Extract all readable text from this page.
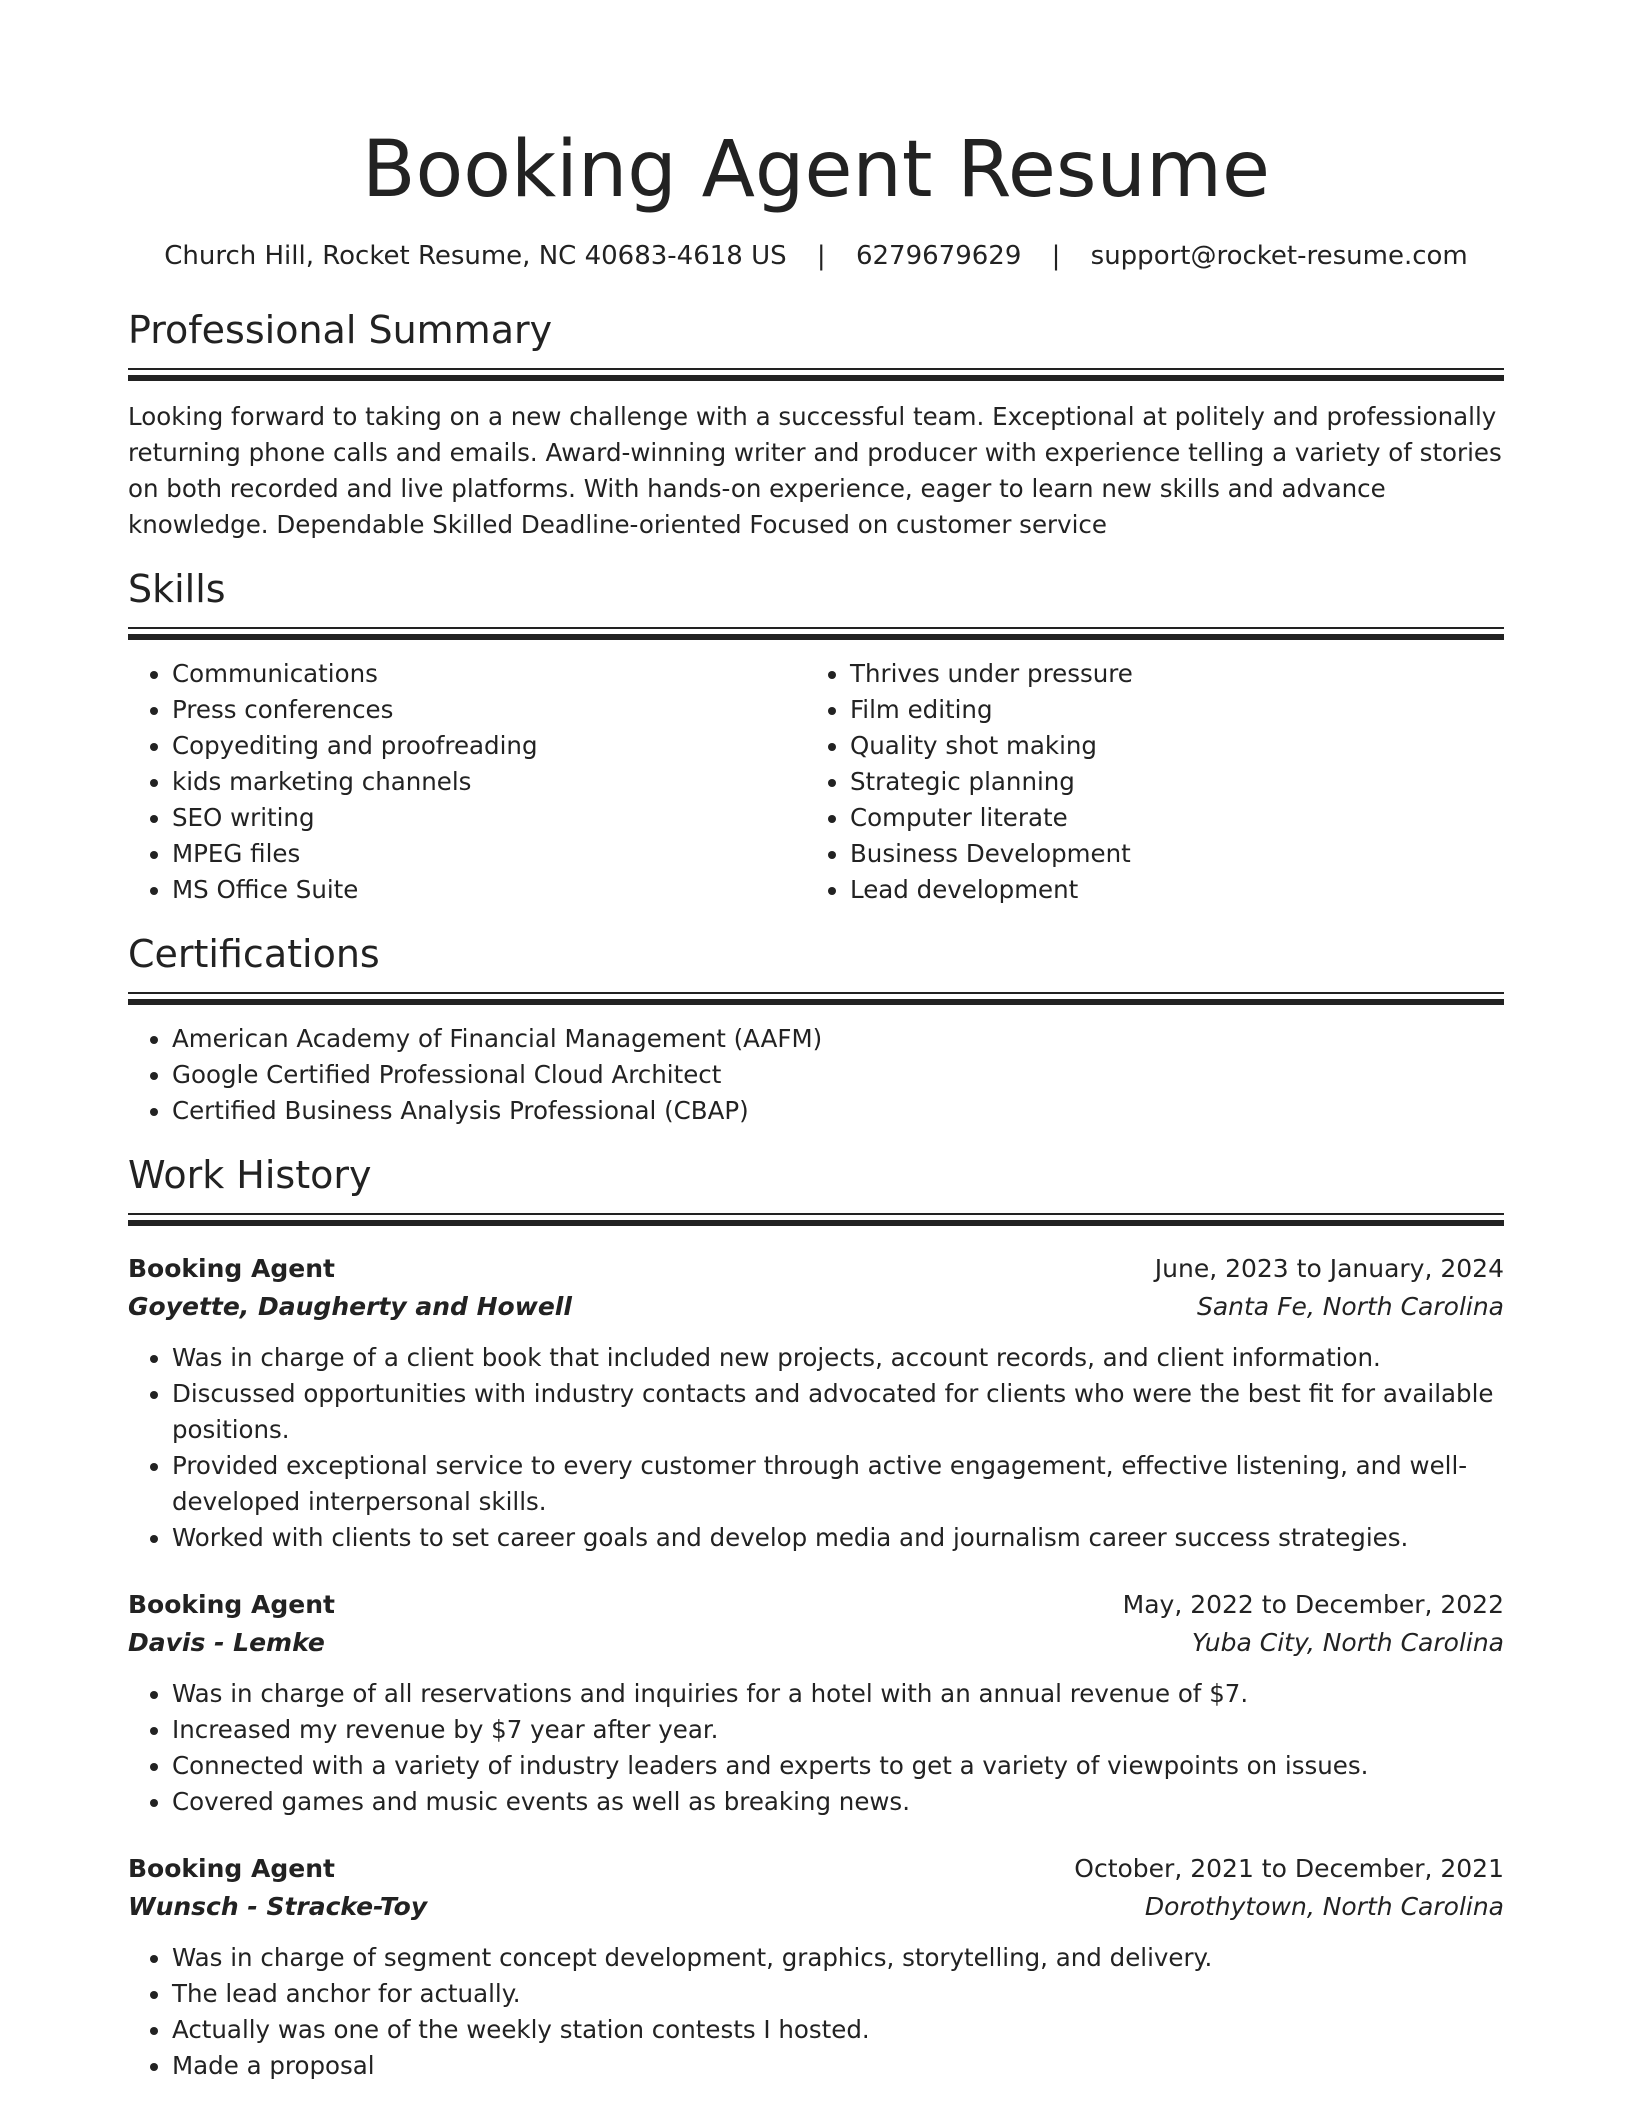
Booking Agent Resume
Church Hill, Rocket Resume, NC 40683-4618 US | 6279679629 | support@rocket-resume.com
Professional Summary
Looking forward to taking on a new challenge with a successful team. Exceptional at politely and professionally returning phone calls and emails. Award-winning writer and producer with experience telling a variety of stories on both recorded and live platforms. With hands-on experience, eager to learn new skills and advance knowledge. Dependable Skilled Deadline-oriented Focused on customer service
Skills
• Communications
• Press conferences
• Copyediting and proofreading
• kids marketing channels
• SEO writing
• MPEG files
• MS Office Suite
• Thrives under pressure
• Film editing
• Quality shot making
• Strategic planning
• Computer literate
• Business Development
• Lead development
Certifications
• American Academy of Financial Management (AAFM)
• Google Certified Professional Cloud Architect
• Certified Business Analysis Professional (CBAP)
Work History
Booking Agent	June, 2023 to January, 2024
Goyette, Daugherty and Howell	Santa Fe, North Carolina
• Was in charge of a client book that included new projects, account records, and client information.
• Discussed opportunities with industry contacts and advocated for clients who were the best fit for available positions.
• Provided exceptional service to every customer through active engagement, effective listening, and well-developed interpersonal skills.
• Worked with clients to set career goals and develop media and journalism career success strategies.
Booking Agent	May, 2022 to December, 2022
Davis - Lemke	Yuba City, North Carolina
• Was in charge of all reservations and inquiries for a hotel with an annual revenue of $7.
• Increased my revenue by $7 year after year.
• Connected with a variety of industry leaders and experts to get a variety of viewpoints on issues.
• Covered games and music events as well as breaking news.
Booking Agent	October, 2021 to December, 2021
Wunsch - Stracke-Toy	Dorothytown, North Carolina
• Was in charge of segment concept development, graphics, storytelling, and delivery.
• The lead anchor for actually.
• Actually was one of the weekly station contests I hosted.
• Made a proposal
